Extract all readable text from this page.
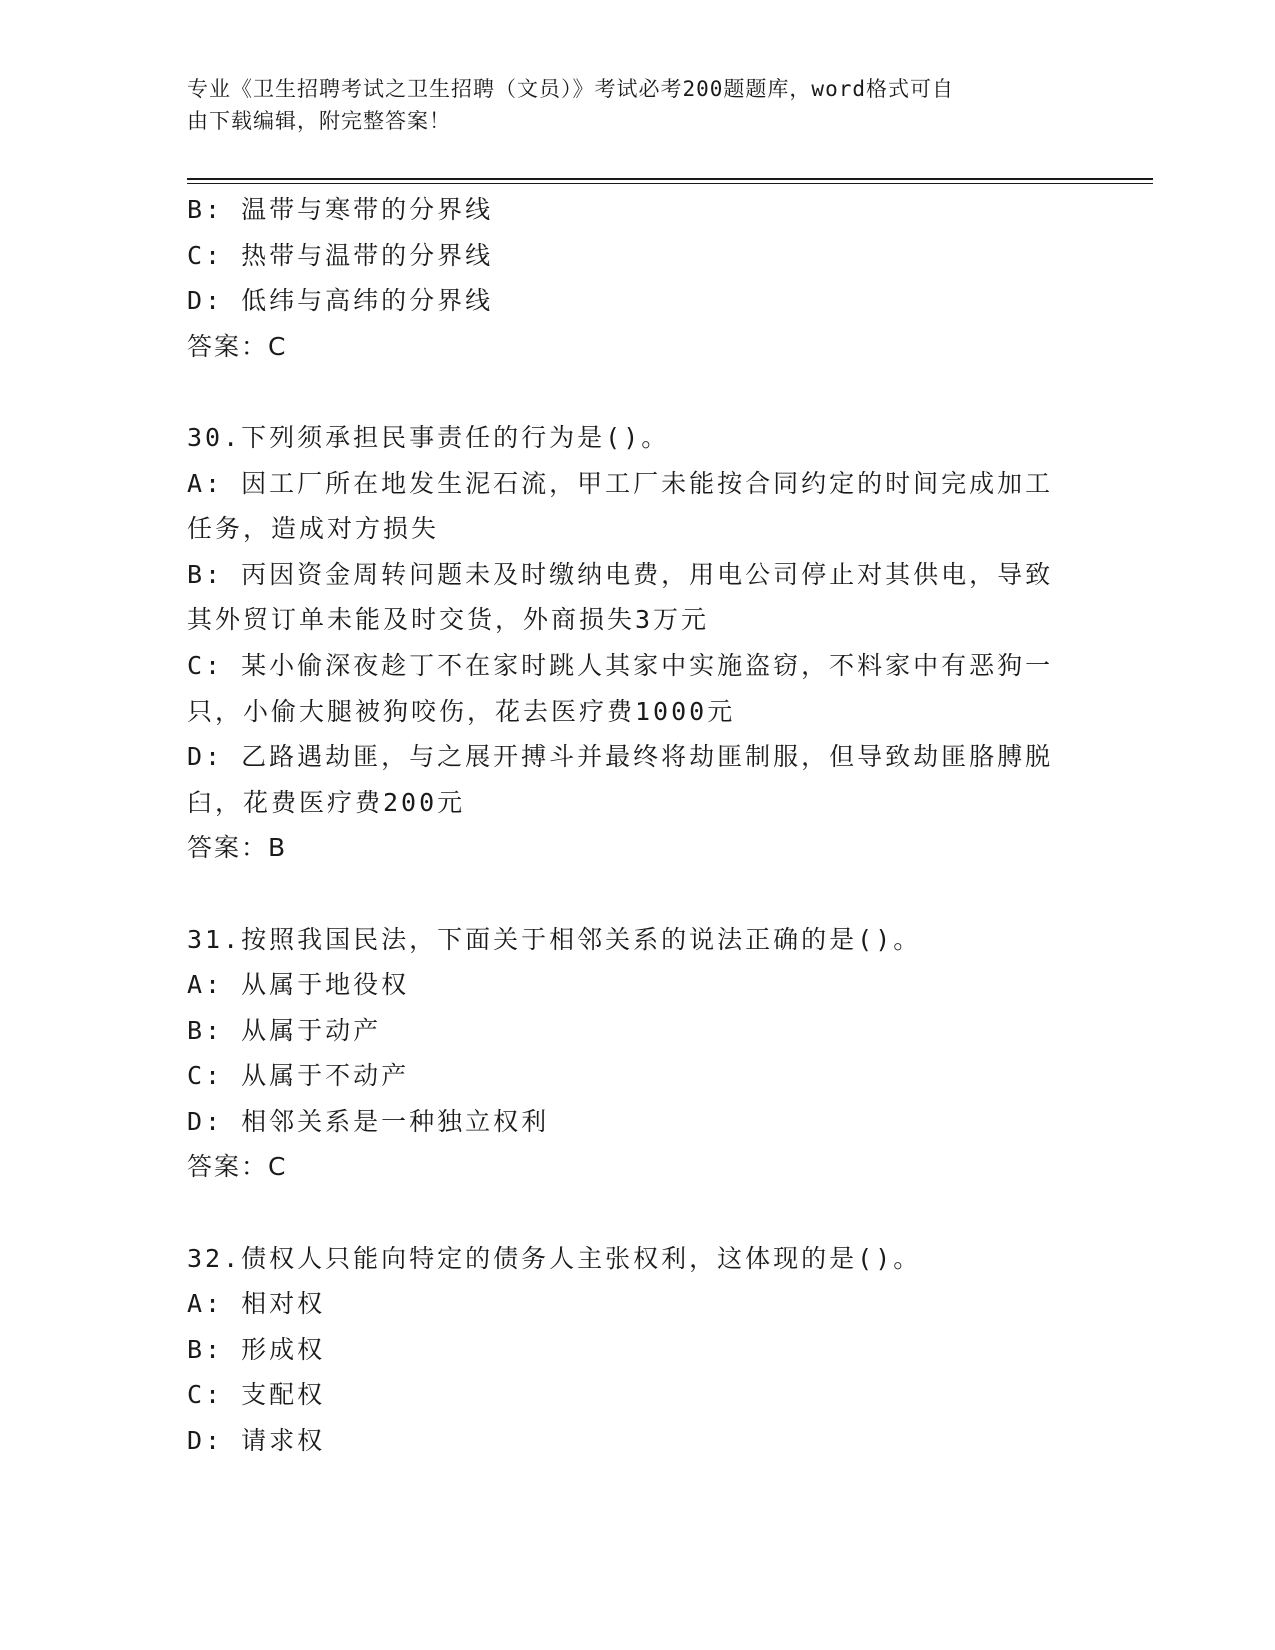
专业《卫生招聘考试之卫生招聘（文员）》考试必考200题题库，word格式可自
由下载编辑，附完整答案！
B: 温带与寒带的分界线
C: 热带与温带的分界线
D: 低纬与高纬的分界线
答案：C
30.下列须承担民事责任的行为是()。
A: 因工厂所在地发生泥石流，甲工厂未能按合同约定的时间完成加工
任务，造成对方损失
B: 丙因资金周转问题未及时缴纳电费，用电公司停止对其供电，导致
其外贸订单未能及时交货，外商损失3万元
C: 某小偷深夜趁丁不在家时跳人其家中实施盗窃，不料家中有恶狗一
只，小偷大腿被狗咬伤，花去医疗费1000元
D: 乙路遇劫匪，与之展开搏斗并最终将劫匪制服，但导致劫匪胳膊脱
臼，花费医疗费200元
答案：B
31.按照我国民法，下面关于相邻关系的说法正确的是()。
A: 从属于地役权
B: 从属于动产
C: 从属于不动产
D: 相邻关系是一种独立权利
答案：C
32.债权人只能向特定的债务人主张权利，这体现的是()。
A: 相对权
B: 形成权
C: 支配权
D: 请求权
